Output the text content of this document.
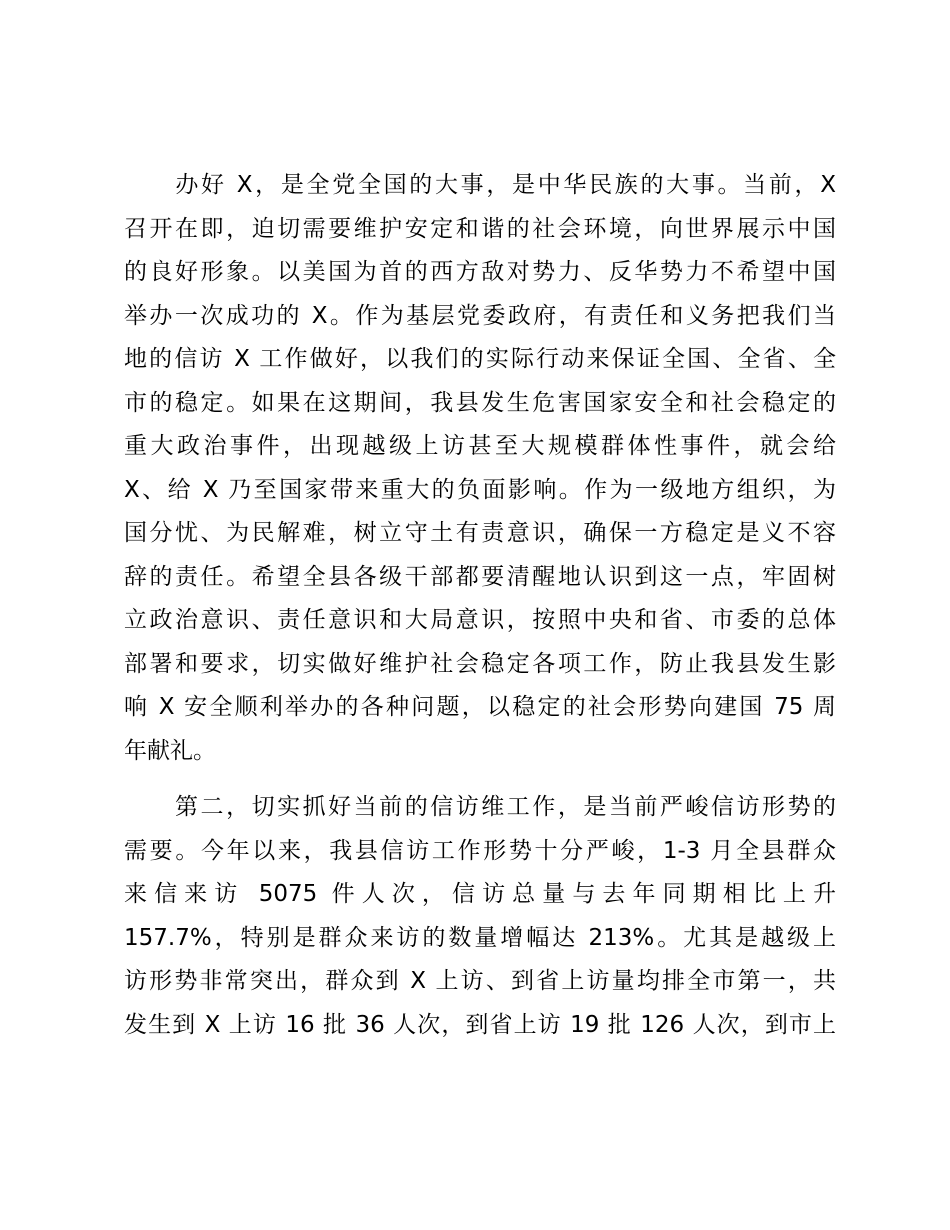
　　办好 X，是全党全国的大事，是中华民族的大事。当前，X
召开在即，迫切需要维护安定和谐的社会环境，向世界展示中国
的良好形象。以美国为首的西方敌对势力、反华势力不希望中国
举办一次成功的 X。作为基层党委政府，有责任和义务把我们当
地的信访 X 工作做好，以我们的实际行动来保证全国、全省、全
市的稳定。如果在这期间，我县发生危害国家安全和社会稳定的
重大政治事件，出现越级上访甚至大规模群体性事件，就会给
X、给 X 乃至国家带来重大的负面影响。作为一级地方组织，为
国分忧、为民解难，树立守土有责意识，确保一方稳定是义不容
辞的责任。希望全县各级干部都要清醒地认识到这一点，牢固树
立政治意识、责任意识和大局意识，按照中央和省、市委的总体
部署和要求，切实做好维护社会稳定各项工作，防止我县发生影
响 X 安全顺利举办的各种问题，以稳定的社会形势向建国 75 周
年献礼。
　　第二，切实抓好当前的信访维工作，是当前严峻信访形势的
需要。今年以来，我县信访工作形势十分严峻，1-3 月全县群众
来信来访 5075 件人次，信访总量与去年同期相比上升
157.7%，特别是群众来访的数量增幅达 213%。尤其是越级上
访形势非常突出，群众到 X 上访、到省上访量均排全市第一，共
发生到 X 上访 16 批 36 人次，到省上访 19 批 126 人次，到市上
